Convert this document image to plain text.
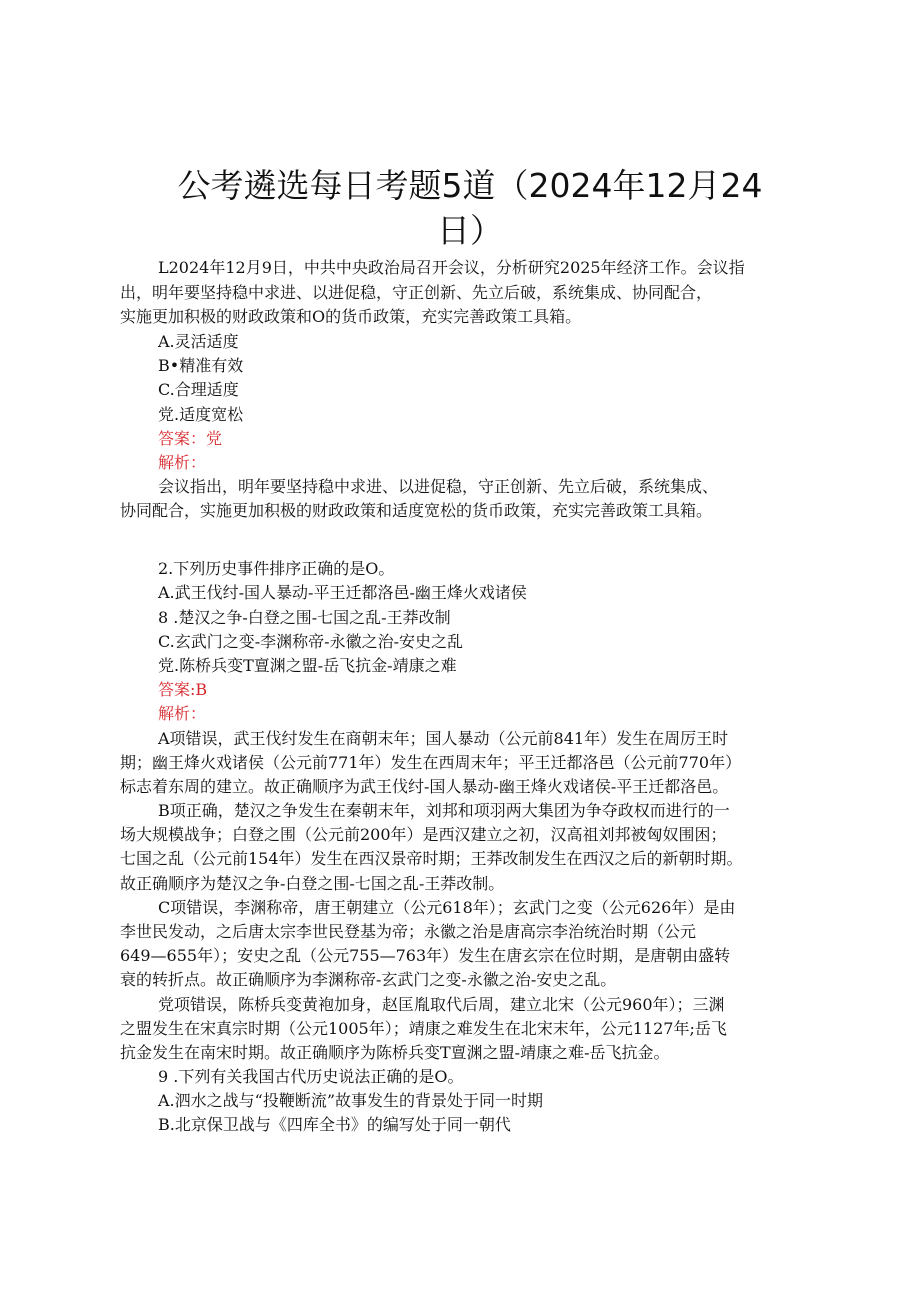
公考遴选每日考题5道（2024年12月24
日）
L2024年12月9日，中共中央政治局召开会议，分析研究2025年经济工作。会议指
出，明年要坚持稳中求进、以进促稳，守正创新、先立后破，系统集成、协同配合，
实施更加积极的财政政策和O的货币政策，充实完善政策工具箱。
A.灵活适度
B•精准有效
C.合理适度
党.适度宽松
答案：党
解析：
会议指出，明年要坚持稳中求进、以进促稳，守正创新、先立后破，系统集成、
协同配合，实施更加积极的财政政策和适度宽松的货币政策，充实完善政策工具箱。
2.下列历史事件排序正确的是O。
A.武王伐纣-国人暴动-平王迁都洛邑-幽王烽火戏诸侯
8 .楚汉之争-白登之围-七国之乱-王莽改制
C.玄武门之变-李渊称帝-永徽之治-安史之乱
党.陈桥兵变T亶渊之盟-岳飞抗金-靖康之难
答案:B
解析：
A项错误，武王伐纣发生在商朝末年；国人暴动（公元前841年）发生在周厉王时
期；幽王烽火戏诸侯（公元前771年）发生在西周末年；平王迁都洛邑（公元前770年）
标志着东周的建立。故正确顺序为武王伐纣-国人暴动-幽王烽火戏诸侯-平王迁都洛邑。
B项正确，楚汉之争发生在秦朝末年，刘邦和项羽两大集团为争夺政权而进行的一
场大规模战争；白登之围（公元前200年）是西汉建立之初，汉高祖刘邦被匈奴围困；
七国之乱（公元前154年）发生在西汉景帝时期；王莽改制发生在西汉之后的新朝时期。
故正确顺序为楚汉之争-白登之围-七国之乱-王莽改制。
C项错误，李渊称帝，唐王朝建立（公元618年）；玄武门之变（公元626年）是由
李世民发动，之后唐太宗李世民登基为帝；永徽之治是唐高宗李治统治时期（公元
649—655年）；安史之乱（公元755—763年）发生在唐玄宗在位时期，是唐朝由盛转
衰的转折点。故正确顺序为李渊称帝-玄武门之变-永徽之治-安史之乱。
党项错误，陈桥兵变黄袍加身，赵匡胤取代后周，建立北宋（公元960年）；三渊
之盟发生在宋真宗时期（公元1005年）；靖康之难发生在北宋末年，公元1127年;岳飞
抗金发生在南宋时期。故正确顺序为陈桥兵变T亶渊之盟-靖康之难-岳飞抗金。
9 .下列有关我国古代历史说法正确的是O。
A.泗水之战与“投鞭断流”故事发生的背景处于同一时期
B.北京保卫战与《四库全书》的编写处于同一朝代
